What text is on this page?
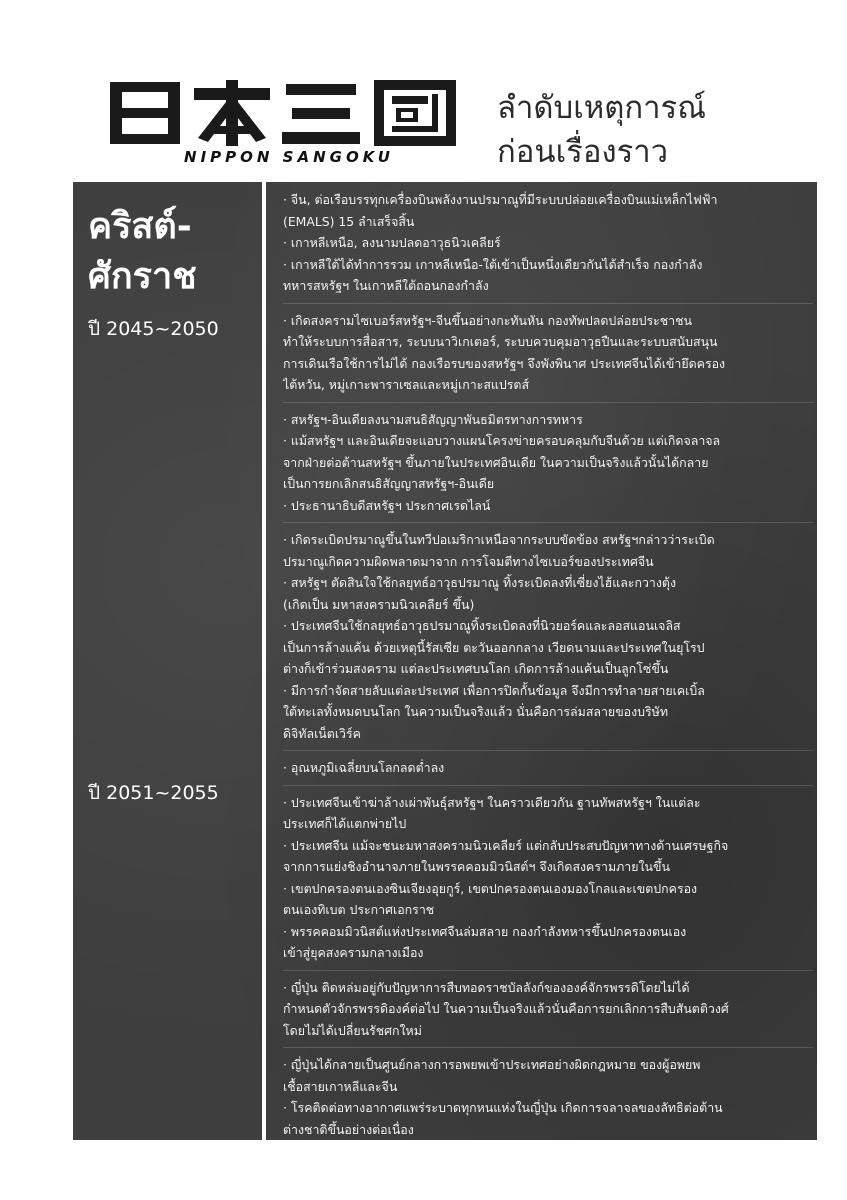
NIPPON SANGOKU
ลำดับเหตุการณ์
ก่อนเรื่องราว
คริสต์-
ศักราช
ปี 2045~2050
ปี 2051~2055

· จีน, ต่อเรือบรรทุกเครื่องบินพลังงานปรมาณูที่มีระบบปล่อยเครื่องบินแม่เหล็กไฟฟ้า

(EMALS) 15 ลำเสร็จสิ้น

· เกาหลีเหนือ, ลงนามปลดอาวุธนิวเคลียร์

· เกาหลีใต้ได้ทำการรวม เกาหลีเหนือ-ใต้เข้าเป็นหนึ่งเดียวกันได้สำเร็จ กองกำลัง

ทหารสหรัฐฯ ในเกาหลีใต้ถอนกองกำลัง

· เกิดสงครามไซเบอร์สหรัฐฯ-จีนขึ้นอย่างกะทันหัน กองทัพปลดปล่อยประชาชน

ทำให้ระบบการสื่อสาร, ระบบนาวิเกเตอร์, ระบบควบคุมอาวุธปืนและระบบสนับสนุน

การเดินเรือใช้การไม่ได้ กองเรือรบของสหรัฐฯ จึงพังพินาศ ประเทศจีนได้เข้ายึดครอง

ไต้หวัน, หมู่เกาะพาราเซลและหมู่เกาะสแปรตส์

· สหรัฐฯ-อินเดียลงนามสนธิสัญญาพันธมิตรทางการทหาร

· แม้สหรัฐฯ และอินเดียจะแอบวางแผนโครงข่ายครอบคลุมกับจีนด้วย แต่เกิดจลาจล

จากฝ่ายต่อต้านสหรัฐฯ ขึ้นภายในประเทศอินเดีย ในความเป็นจริงแล้วนั้นได้กลาย

เป็นการยกเลิกสนธิสัญญาสหรัฐฯ-อินเดีย

· ประธานาธิบดีสหรัฐฯ ประกาศเรดไลน์

· เกิดระเบิดปรมาณูขึ้นในทวีปอเมริกาเหนือจากระบบขัดข้อง สหรัฐฯกล่าวว่าระเบิด

ปรมาณูเกิดความผิดพลาดมาจาก การโจมตีทางไซเบอร์ของประเทศจีน

· สหรัฐฯ ตัดสินใจใช้กลยุทธ์อาวุธปรมาณู ทิ้งระเบิดลงที่เซี่ยงไฮ้และกวางตุ้ง

(เกิดเป็น มหาสงครามนิวเคลียร์ ขึ้น)

· ประเทศจีนใช้กลยุทธ์อาวุธปรมาณูทิ้งระเบิดลงที่นิวยอร์คและลอสแอนเจลิส

เป็นการล้างแค้น ด้วยเหตุนี้รัสเซีย ตะวันออกกลาง เวียดนามและประเทศในยุโรป

ต่างก็เข้าร่วมสงคราม แต่ละประเทศบนโลก เกิดการล้างแค้นเป็นลูกโซ่ขึ้น

· มีการกำจัดสายลับแต่ละประเทศ เพื่อการปิดกั้นข้อมูล จึงมีการทำลายสายเคเบิ้ล

ใต้ทะเลทั้งหมดบนโลก ในความเป็นจริงแล้ว นั่นคือการล่มสลายของบริษัท

ดิจิทัลเน็ตเวิร์ค

· อุณหภูมิเฉลี่ยบนโลกลดต่ำลง

· ประเทศจีนเข้าฆ่าล้างเผ่าพันธุ์สหรัฐฯ ในคราวเดียวกัน ฐานทัพสหรัฐฯ ในแต่ละ

ประเทศก็ได้แตกพ่ายไป

· ประเทศจีน แม้จะชนะมหาสงครามนิวเคลียร์ แต่กลับประสบปัญหาทางด้านเศรษฐกิจ

จากการแย่งชิงอำนาจภายในพรรคคอมมิวนิสต์ฯ จึงเกิดสงครามภายในขึ้น

· เขตปกครองตนเองซินเจียงอุยกูร์, เขตปกครองตนเองมองโกลและเขตปกครอง

ตนเองทิเบต ประกาศเอกราช

· พรรคคอมมิวนิสต์แห่งประเทศจีนล่มสลาย กองกำลังทหารขึ้นปกครองตนเอง

เข้าสู่ยุคสงครามกลางเมือง

· ญี่ปุ่น ติดหล่มอยู่กับปัญหาการสืบทอดราชบัลลังก์ขององค์จักรพรรดิโดยไม่ได้

กำหนดตัวจักรพรรดิองค์ต่อไป ในความเป็นจริงแล้วนั่นคือการยกเลิกการสืบสันตติวงศ์

โดยไม่ได้เปลี่ยนรัชศกใหม่

· ญี่ปุ่นได้กลายเป็นศูนย์กลางการอพยพเข้าประเทศอย่างผิดกฎหมาย ของผู้อพยพ

เชื้อสายเกาหลีและจีน

· โรคติดต่อทางอากาศแพร่ระบาดทุกหนแห่งในญี่ปุ่น เกิดการจลาจลของลัทธิต่อต้าน

ต่างชาติขึ้นอย่างต่อเนื่อง
